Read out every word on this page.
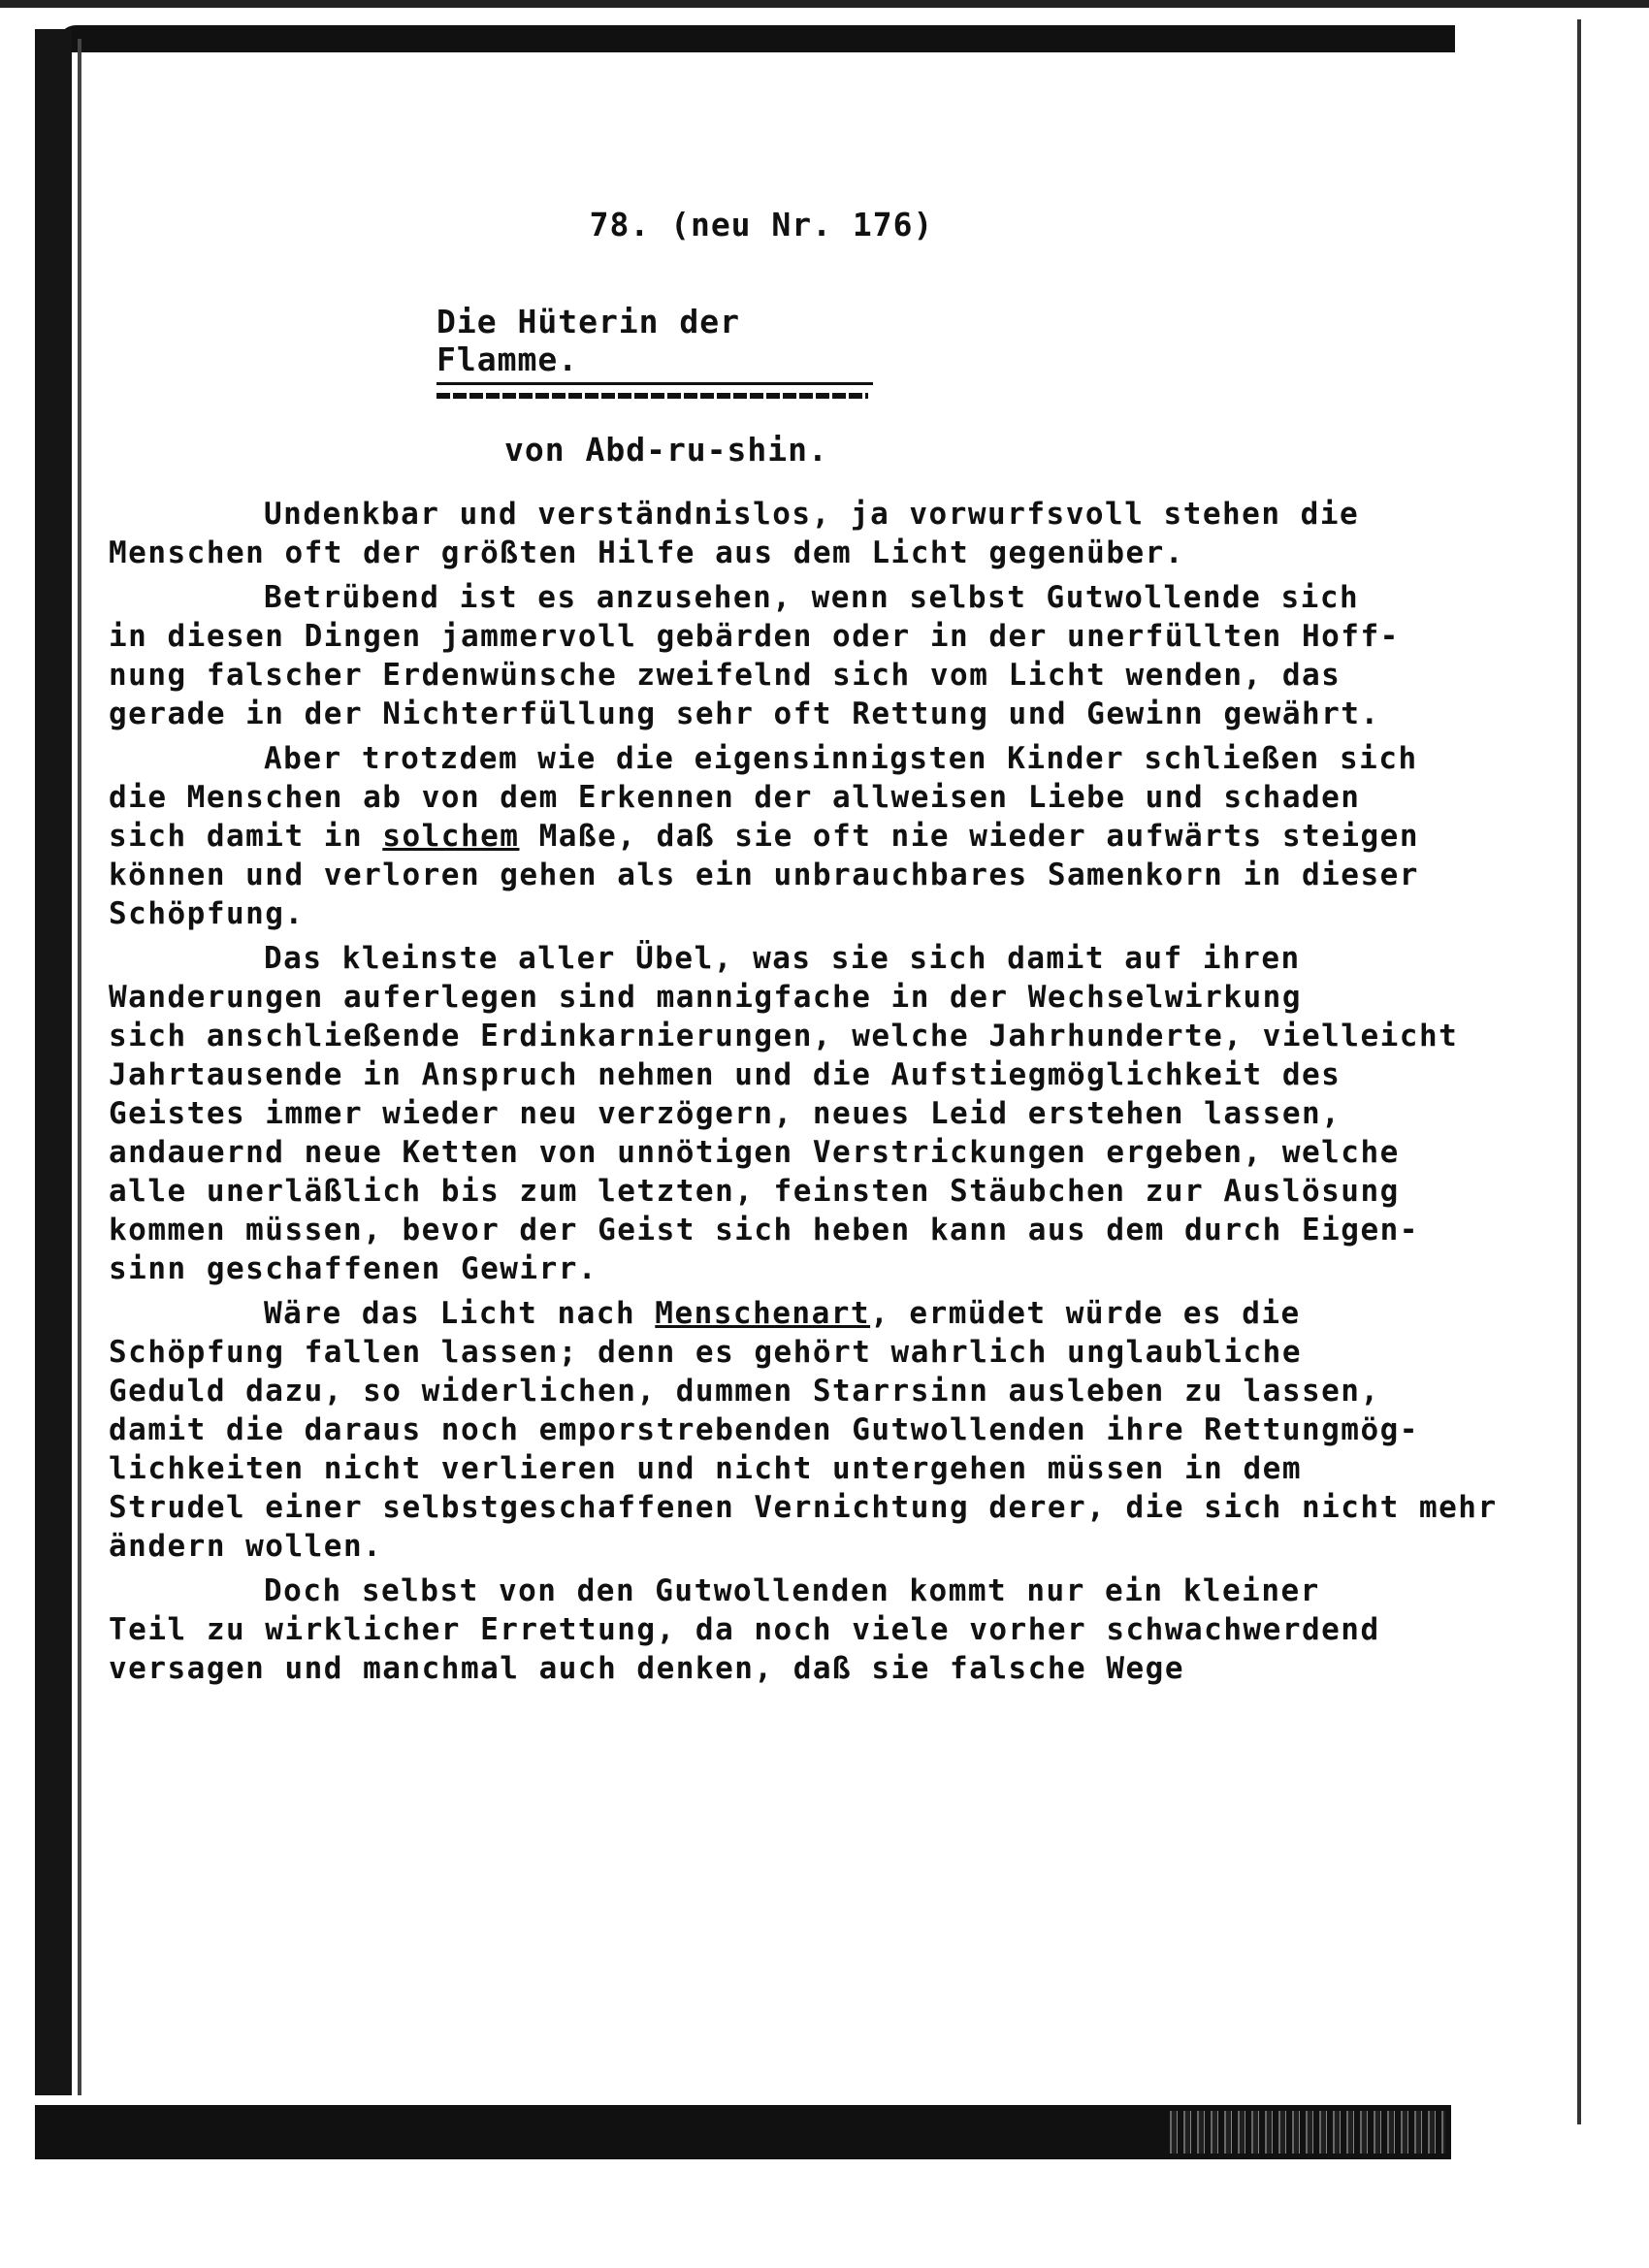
78. (neu Nr. 176)
Die Hüterin der Flamme.
von Abd-ru-shin.
Undenkbar und verständnislos, ja vorwurfsvoll stehen die
Menschen oft der größten Hilfe aus dem Licht gegenüber.
Betrübend ist es anzusehen, wenn selbst Gutwollende sich
in diesen Dingen jammervoll gebärden oder in der unerfüllten Hoff-
nung falscher Erdenwünsche zweifelnd sich vom Licht wenden, das
gerade in der Nichterfüllung sehr oft Rettung und Gewinn gewährt.
Aber trotzdem wie die eigensinnigsten Kinder schließen sich
die Menschen ab von dem Erkennen der allweisen Liebe und schaden
sich damit in solchem Maße, daß sie oft nie wieder aufwärts steigen
können und verloren gehen als ein unbrauchbares Samenkorn in dieser
Schöpfung.
Das kleinste aller Übel, was sie sich damit auf ihren
Wanderungen auferlegen sind mannigfache in der Wechselwirkung
sich anschließende Erdinkarnierungen, welche Jahrhunderte, vielleicht
Jahrtausende in Anspruch nehmen und die Aufstiegmöglichkeit des
Geistes immer wieder neu verzögern, neues Leid erstehen lassen,
andauernd neue Ketten von unnötigen Verstrickungen ergeben, welche
alle unerläßlich bis zum letzten, feinsten Stäubchen zur Auslösung
kommen müssen, bevor der Geist sich heben kann aus dem durch Eigen-
sinn geschaffenen Gewirr.
Wäre das Licht nach Menschenart, ermüdet würde es die
Schöpfung fallen lassen; denn es gehört wahrlich unglaubliche
Geduld dazu, so widerlichen, dummen Starrsinn ausleben zu lassen,
damit die daraus noch emporstrebenden Gutwollenden ihre Rettungmög-
lichkeiten nicht verlieren und nicht untergehen müssen in dem
Strudel einer selbstgeschaffenen Vernichtung derer, die sich nicht mehr
ändern wollen.
Doch selbst von den Gutwollenden kommt nur ein kleiner
Teil zu wirklicher Errettung, da noch viele vorher schwachwerdend
versagen und manchmal auch denken, daß sie falsche Wege
